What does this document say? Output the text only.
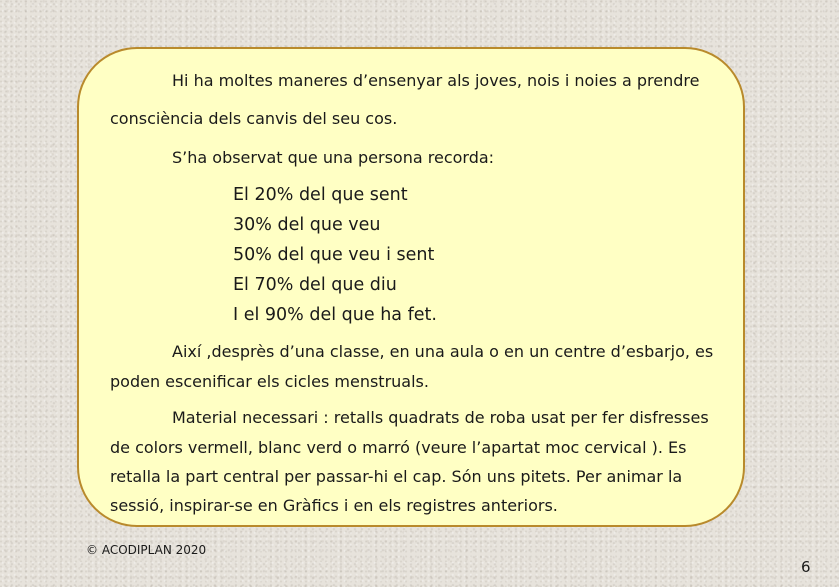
Hi ha moltes maneres d’ensenyar als joves, nois i noies a prendre

consciència dels canvis del seu cos.

S’ha observat que una persona recorda:

El 20% del que sent
30% del que veu
50% del que veu i sent
El 70% del que diu
I el 90% del que ha fet.

Així ,desprès d’una classe, en una aula o en un centre d’esbarjo, es

poden escenificar els cicles menstruals.

Material necessari : retalls quadrats de roba usat per fer disfresses

de colors vermell, blanc verd o marró (veure l’apartat moc cervical ). Es

retalla la part central per passar-hi el cap. Són uns pitets. Per animar la

sessió, inspirar-se en Gràfics i en els registres anteriors.

© ACODIPLAN 2020
6
